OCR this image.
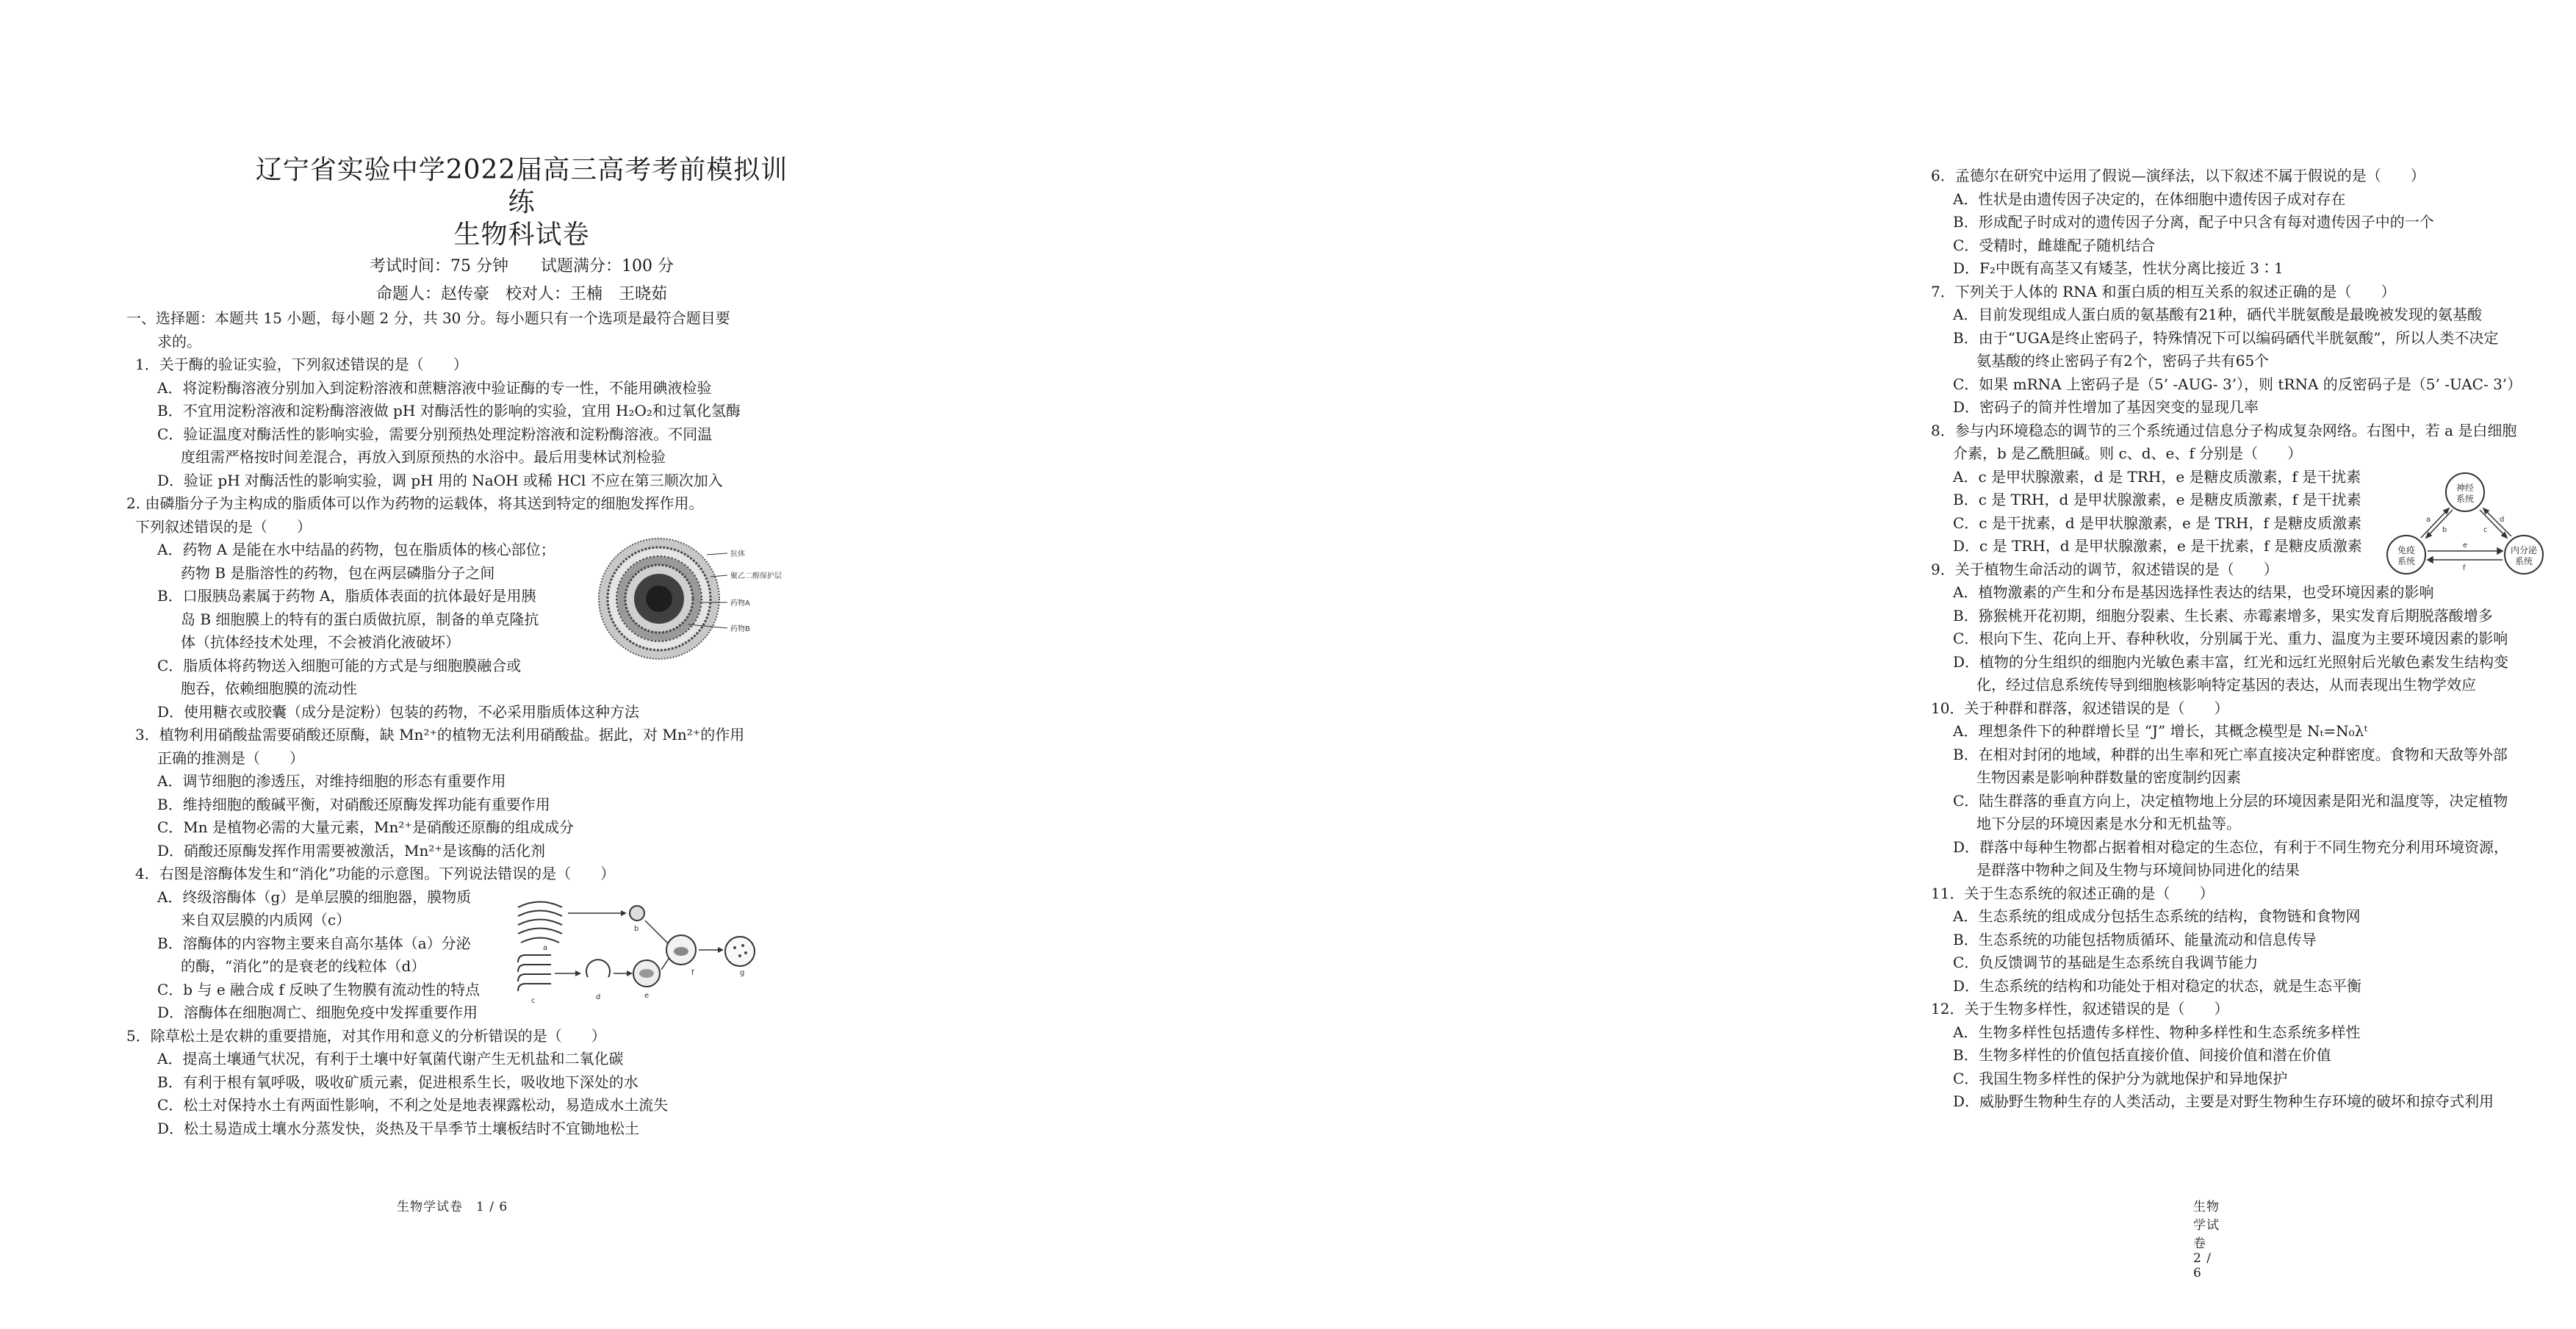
辽宁省实验中学2022届高三高考考前模拟训练
生物科试卷
考试时间：75 分钟　　试题满分：100 分
命题人：赵传豪　校对人：王楠　王晓茹
一、选择题：本题共 15 小题，每小题 2 分，共 30 分。每小题只有一个选项是最符合题目要
求的。
1．关于酶的验证实验，下列叙述错误的是（　　）
A．将淀粉酶溶液分别加入到淀粉溶液和蔗糖溶液中验证酶的专一性，不能用碘液检验
B．不宜用淀粉溶液和淀粉酶溶液做 pH 对酶活性的影响的实验，宜用 H₂O₂和过氧化氢酶
C．验证温度对酶活性的影响实验，需要分别预热处理淀粉溶液和淀粉酶溶液。不同温
度组需严格按时间差混合，再放入到原预热的水浴中。最后用斐林试剂检验
D．验证 pH 对酶活性的影响实验，调 pH 用的 NaOH 或稀 HCl 不应在第三顺次加入
2. 由磷脂分子为主构成的脂质体可以作为药物的运载体，将其送到特定的细胞发挥作用。
下列叙述错误的是（　　）
A．药物 A 是能在水中结晶的药物，包在脂质体的核心部位；
药物 B 是脂溶性的药物，包在两层磷脂分子之间
B．口服胰岛素属于药物 A，脂质体表面的抗体最好是用胰
岛 B 细胞膜上的特有的蛋白质做抗原，制备的单克隆抗
体（抗体经技术处理，不会被消化液破坏）
C．脂质体将药物送入细胞可能的方式是与细胞膜融合或
胞吞，依赖细胞膜的流动性
D．使用糖衣或胶囊（成分是淀粉）包装的药物，不必采用脂质体这种方法
3．植物利用硝酸盐需要硝酸还原酶，缺 Mn²⁺的植物无法利用硝酸盐。据此，对 Mn²⁺的作用
正确的推测是（　　）
A．调节细胞的渗透压，对维持细胞的形态有重要作用
B．维持细胞的酸碱平衡，对硝酸还原酶发挥功能有重要作用
C．Mn 是植物必需的大量元素，Mn²⁺是硝酸还原酶的组成成分
D．硝酸还原酶发挥作用需要被激活，Mn²⁺是该酶的活化剂
4．右图是溶酶体发生和“消化”功能的示意图。下列说法错误的是（　　）
A．终级溶酶体（g）是单层膜的细胞器，膜物质
来自双层膜的内质网（c）
B．溶酶体的内容物主要来自高尔基体（a）分泌
的酶，“消化”的是衰老的线粒体（d）
C．b 与 e 融合成 f 反映了生物膜有流动性的特点
D．溶酶体在细胞凋亡、细胞免疫中发挥重要作用
5．除草松土是农耕的重要措施，对其作用和意义的分析错误的是（　　）
A．提高土壤通气状况，有利于土壤中好氧菌代谢产生无机盐和二氧化碳
B．有利于根有氧呼吸，吸收矿质元素，促进根系生长，吸收地下深处的水
C．松土对保持水土有两面性影响，不利之处是地表裸露松动，易造成水土流失
D．松土易造成土壤水分蒸发快，炎热及干旱季节土壤板结时不宜锄地松土
抗体
聚乙二醇保护层
药物A
药物B
a
b
c	d	e
f	g
生物学试卷　1 / 6
6．孟德尔在研究中运用了假说—演绎法，以下叙述不属于假说的是（　　）
A．性状是由遗传因子决定的，在体细胞中遗传因子成对存在
B．形成配子时成对的遗传因子分离，配子中只含有每对遗传因子中的一个
C．受精时，雌雄配子随机结合
D．F₂中既有高茎又有矮茎，性状分离比接近 3∶1
7．下列关于人体的 RNA 和蛋白质的相互关系的叙述正确的是（　　）
A．目前发现组成人蛋白质的氨基酸有21种，硒代半胱氨酸是最晚被发现的氨基酸
B．由于“UGA是终止密码子，特殊情况下可以编码硒代半胱氨酸”，所以人类不决定
氨基酸的终止密码子有2个，密码子共有65个
C．如果 mRNA 上密码子是（5’ -AUG- 3’），则 tRNA 的反密码子是（5’ -UAC- 3’）
D．密码子的简并性增加了基因突变的显现几率
8．参与内环境稳态的调节的三个系统通过信息分子构成复杂网络。右图中，若 a 是白细胞
介素，b 是乙酰胆碱。则 c、d、e、f 分别是（　　）
A．c 是甲状腺激素，d 是 TRH，e 是糖皮质激素，f 是干扰素
B．c 是 TRH，d 是甲状腺激素，e 是糖皮质激素，f 是干扰素
C．c 是干扰素，d 是甲状腺激素，e 是 TRH，f 是糖皮质激素
D．c 是 TRH，d 是甲状腺激素，e 是干扰素，f 是糖皮质激素
9．关于植物生命活动的调节，叙述错误的是（　　）
A．植物激素的产生和分布是基因选择性表达的结果，也受环境因素的影响
B．猕猴桃开花初期，细胞分裂素、生长素、赤霉素增多，果实发育后期脱落酸增多
C．根向下生、花向上开、春种秋收，分别属于光、重力、温度为主要环境因素的影响
D．植物的分生组织的细胞内光敏色素丰富，红光和远红光照射后光敏色素发生结构变
化，经过信息系统传导到细胞核影响特定基因的表达，从而表现出生物学效应
10．关于种群和群落，叙述错误的是（　　）
A．理想条件下的种群增长呈 “J” 增长，其概念模型是 Nₜ=N₀λᵗ
B．在相对封闭的地域，种群的出生率和死亡率直接决定种群密度。食物和天敌等外部
生物因素是影响种群数量的密度制约因素
C．陆生群落的垂直方向上，决定植物地上分层的环境因素是阳光和温度等，决定植物
地下分层的环境因素是水分和无机盐等。
D．群落中每种生物都占据着相对稳定的生态位，有利于不同生物充分利用环境资源，
是群落中物种之间及生物与环境间协同进化的结果
11．关于生态系统的叙述正确的是（　　）
A．生态系统的组成成分包括生态系统的结构，食物链和食物网
B．生态系统的功能包括物质循环、能量流动和信息传导
C．负反馈调节的基础是生态系统自我调节能力
D．生态系统的结构和功能处于相对稳定的状态，就是生态平衡
12．关于生物多样性，叙述错误的是（　　）
A．生物多样性包括遗传多样性、物种多样性和生态系统多样性
B．生物多样性的价值包括直接价值、间接价值和潜在价值
C．我国生物多样性的保护分为就地保护和异地保护
D．威胁野生物种生存的人类活动，主要是对野生物种生存环境的破坏和掠夺式利用
神经
系统
免疫
系统
内分泌
系统
a
b	c
d
e
f
生物学试卷　2 / 6
